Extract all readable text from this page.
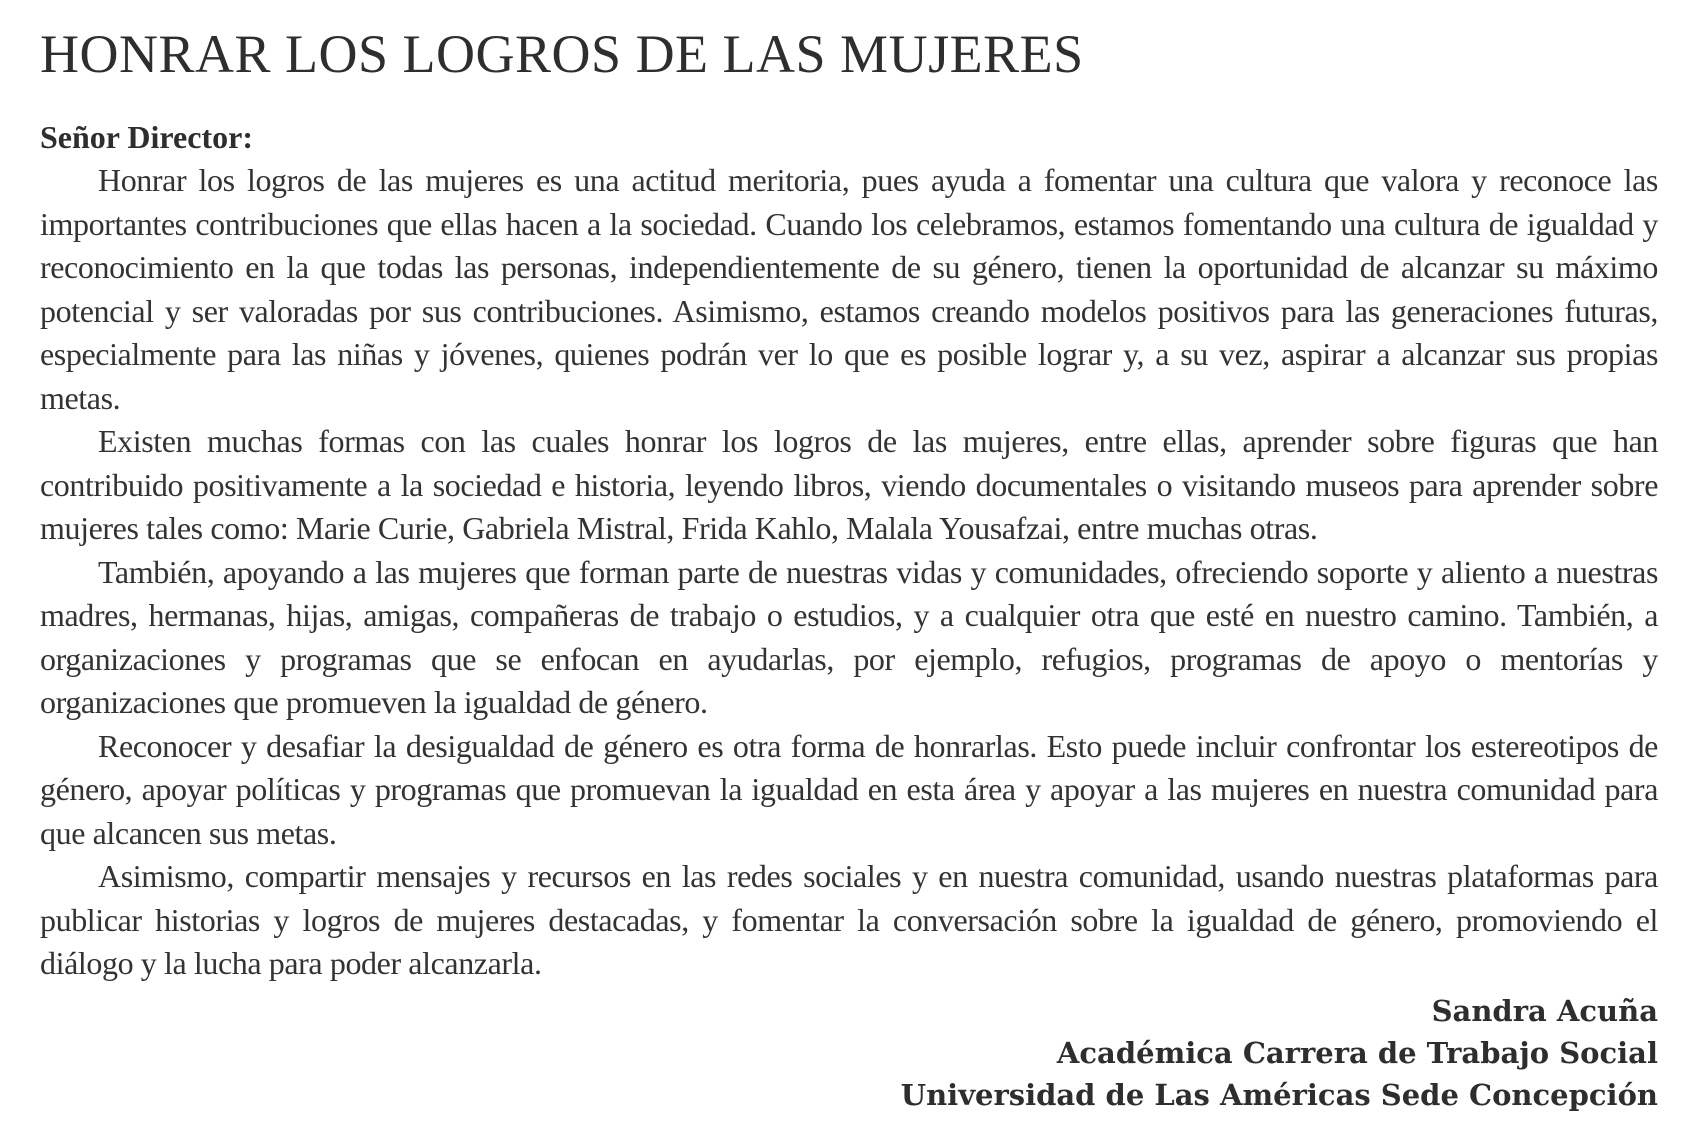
HONRAR LOS LOGROS DE LAS MUJERES
Señor Director:

Honrar los logros de las mujeres es una actitud meritoria, pues ayuda a fomentar una cultura que valora y reconoce las importantes contribuciones que ellas hacen a la sociedad. Cuando los celebramos, estamos fomentando una cultura de igualdad y reconocimiento en la que todas las personas, independientemente de su género, tienen la oportunidad de alcanzar su máximo potencial y ser valoradas por sus contribuciones. Asimismo, estamos creando modelos positivos para las generaciones futuras, especialmente para las niñas y jóvenes, quienes podrán ver lo que es posible lograr y, a su vez, aspirar a alcanzar sus propias metas.

Existen muchas formas con las cuales honrar los logros de las mujeres, entre ellas, aprender sobre figuras que han contribuido positivamente a la sociedad e historia, leyendo libros, viendo documentales o visitando museos para aprender sobre mujeres tales como: Marie Curie, Gabriela Mistral, Frida Kahlo, Malala Yousafzai, entre muchas otras.

También, apoyando a las mujeres que forman parte de nuestras vidas y comunidades, ofreciendo soporte y aliento a nuestras madres, hermanas, hijas, amigas, compañeras de trabajo o estudios, y a cualquier otra que esté en nuestro camino. También, a organizaciones y programas que se enfocan en ayudarlas, por ejemplo, refugios, programas de apoyo o mentorías y organizaciones que promueven la igualdad de género.

Reconocer y desafiar la desigualdad de género es otra forma de honrarlas. Esto puede incluir confrontar los estereotipos de género, apoyar políticas y programas que promuevan la igualdad en esta área y apoyar a las mujeres en nuestra comunidad para que alcancen sus metas.

Asimismo, compartir mensajes y recursos en las redes sociales y en nuestra comunidad, usando nuestras plataformas para publicar historias y logros de mujeres destacadas, y fomentar la conversación sobre la igualdad de género, promoviendo el diálogo y la lucha para poder alcanzarla.

Sandra Acuña
Académica Carrera de Trabajo Social
Universidad de Las Américas Sede Concepción
